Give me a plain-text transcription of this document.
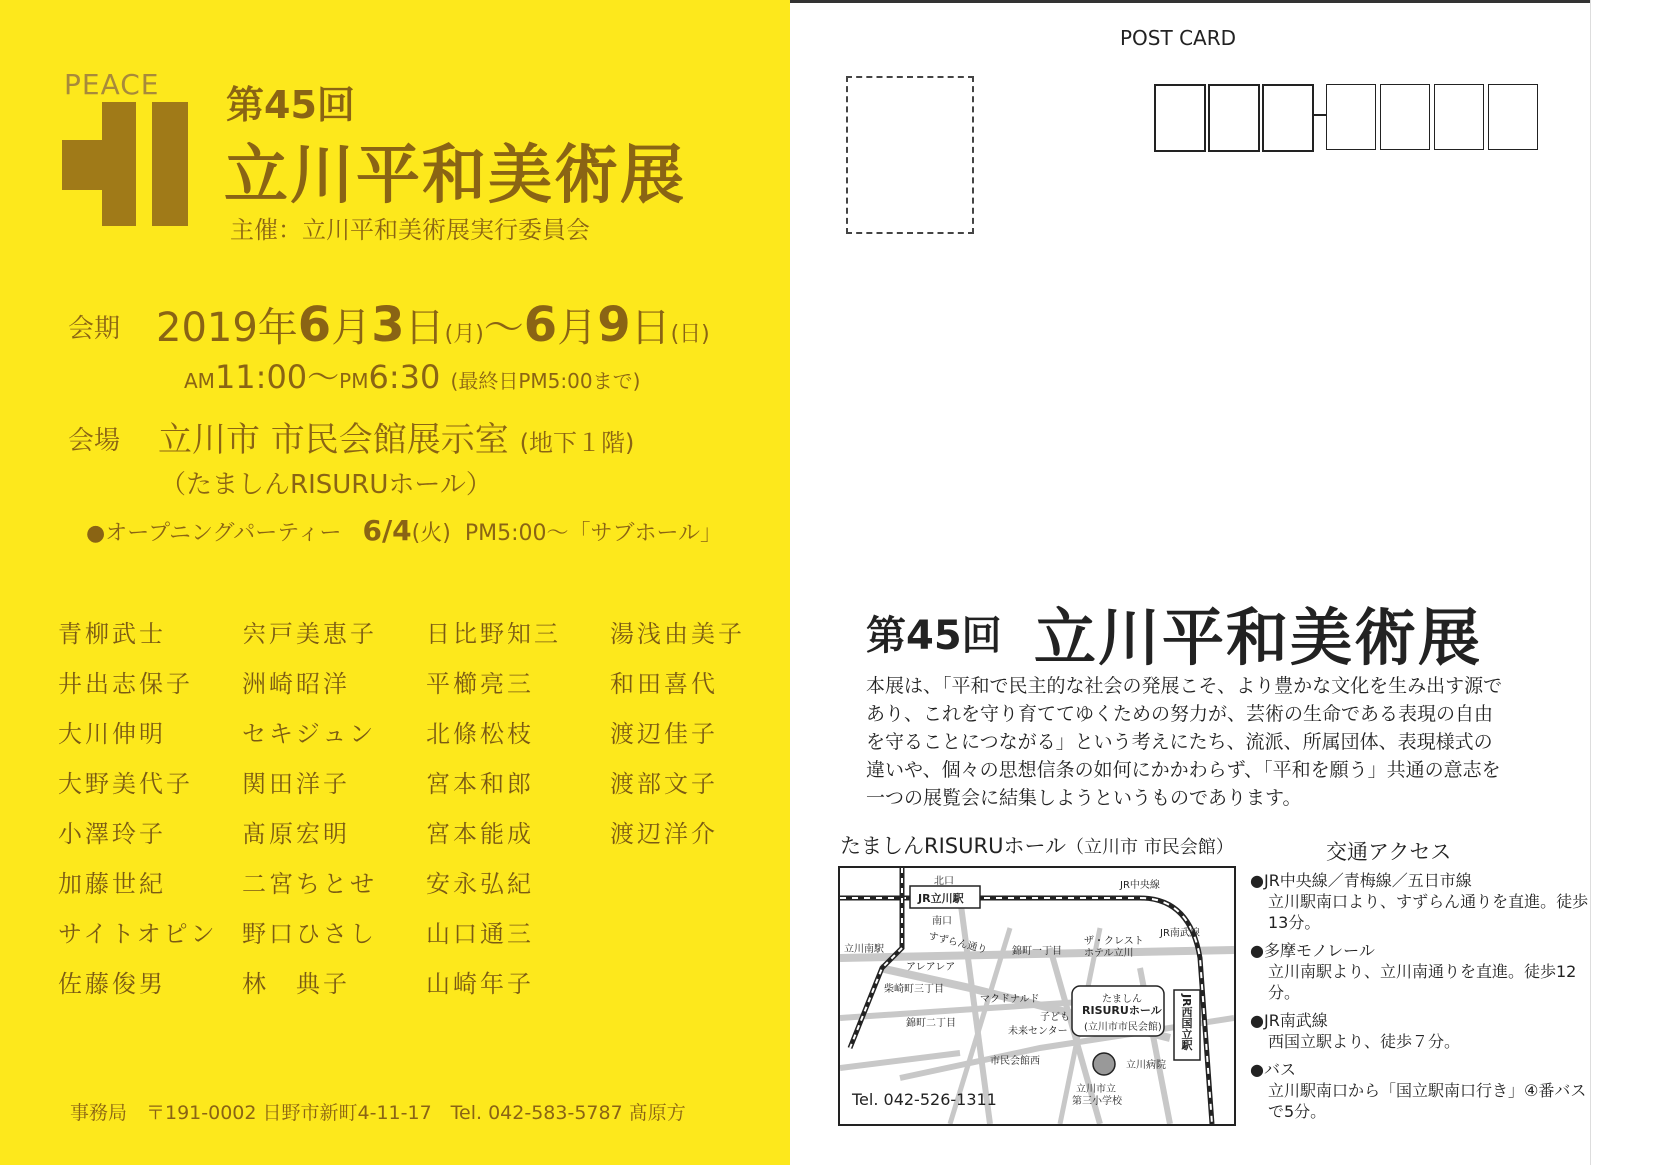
PEACE 第45回
立川平和美術展
主催：立川平和美術展実行委員会
会期 2019年6月3日(月)～6月9日(日)
AM11:00～PM6:30 (最終日PM5:00まで)
会場 立川市 市民会館展示室 (地下１階)
（たましんRISURUホール）
●オープニングパーティー 6/4(火) PM5:00～「サブホール」
青柳武士	宍戸美恵子	日比野知三	湯浅由美子
井出志保子	洲崎昭洋	平櫛亮三	和田喜代
大川伸明	セキジュン	北條松枝	渡辺佳子
大野美代子	関田洋子	宮本和郎	渡部文子
小澤玲子	髙原宏明	宮本能成	渡辺洋介
加藤世紀	二宮ちとせ	安永弘紀
サイトオピン	野口ひさし	山口通三
佐藤俊男	林　典子	山崎年子
事務局　〒191-0002 日野市新町4-11-17　Tel. 042-583-5787 髙原方
POST CARD
第45回 立川平和美術展
本展は、「平和で民主的な社会の発展こそ、より豊かな文化を生み出す源であり、これを守り育ててゆくための努力が、芸術の生命である表現の自由を守ることにつながる」という考えにたち、流派、所属団体、表現様式の違いや、個々の思想信条の如何にかかわらず、「平和を願う」共通の意志を一つの展覧会に結集しようというものであります。
たましんRISURUホール（立川市 市民会館）
北口
JR立川駅
南口
JR中央線
JR南武線
立川南駅	すずらん通り
アレアレア
柴崎町三丁目
錦町一丁目
ザ・クレスト
ホテル立川
マクドナルド
錦町二丁目
子ども
未来センター
たましん
RISURUホール
(立川市市民会館) JR西国立駅
市民会館西	立川病院
立川市立
第三小学校
Tel. 042-526-1311
交通アクセス
● JR中央線／青梅線／五日市線
立川駅南口より、すずらん通りを直進。徒歩13分。
● 多摩モノレール
立川南駅より、立川南通りを直進。徒歩12分。
● JR南武線
西国立駅より、徒歩７分。
● バス
立川駅南口から「国立駅南口行き」④番バスで5分。
